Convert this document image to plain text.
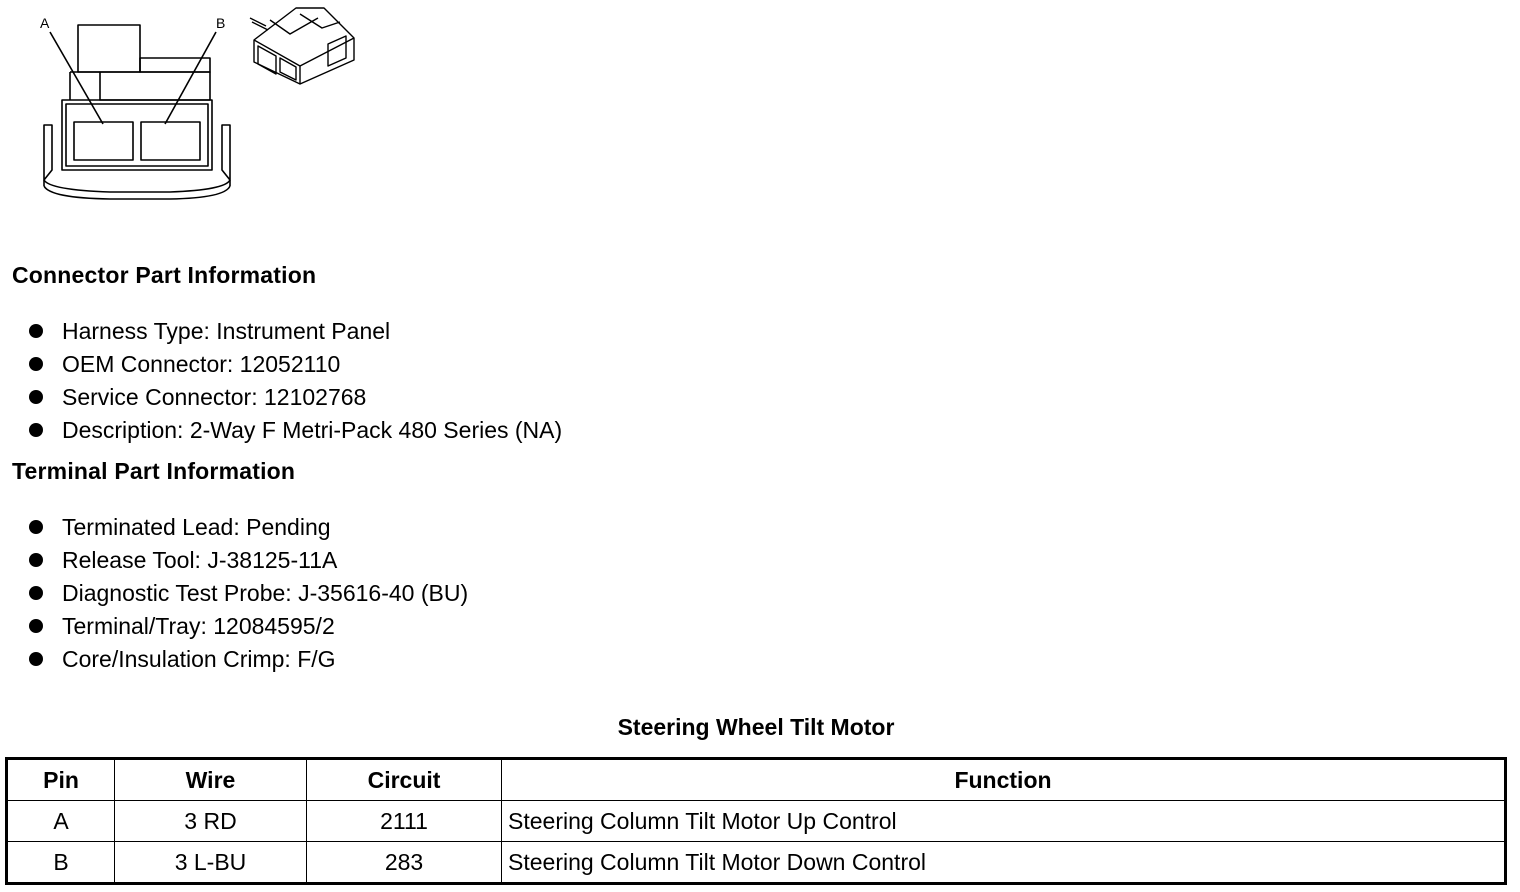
A	B
Connector Part Information
Harness Type: Instrument Panel
OEM Connector: 12052110
Service Connector: 12102768
Description: 2-Way F Metri-Pack 480 Series (NA)
Terminal Part Information
Terminated Lead: Pending
Release Tool: J-38125-11A
Diagnostic Test Probe: J-35616-40 (BU)
Terminal/Tray: 12084595/2
Core/Insulation Crimp: F/G
Steering Wheel Tilt Motor
Pin	Wire	Circuit	Function
A	3 RD	2111	Steering Column Tilt Motor Up Control
B	3 L-BU	283	Steering Column Tilt Motor Down Control
